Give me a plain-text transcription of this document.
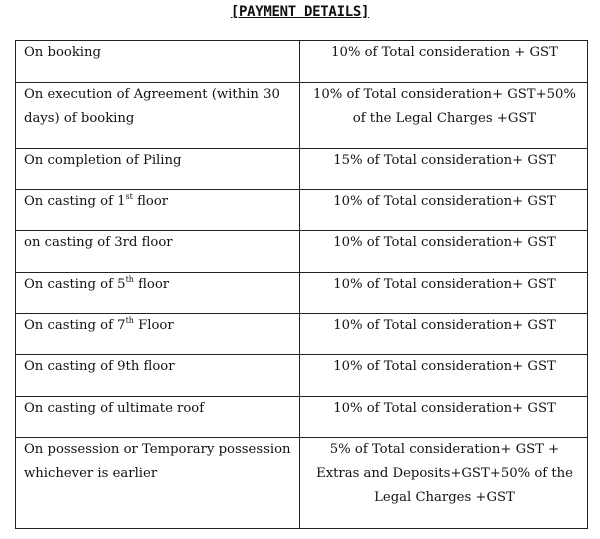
[PAYMENT DETAILS]
On booking	10% of Total consideration + GST
On execution of Agreement (within 30 days) of booking	10% of Total consideration+ GST+50% of the Legal Charges +GST
On completion of Piling	15% of Total consideration+ GST
On casting of 1st floor	10% of Total consideration+ GST
on casting of 3rd floor	10% of Total consideration+ GST
On casting of 5th floor	10% of Total consideration+ GST
On casting of 7th Floor	10% of Total consideration+ GST
On casting of 9th floor	10% of Total consideration+ GST
On casting of ultimate roof	10% of Total consideration+ GST
On possession or Temporary possession whichever is earlier	5% of Total consideration+ GST + Extras and Deposits+GST+50% of the Legal Charges +GST
